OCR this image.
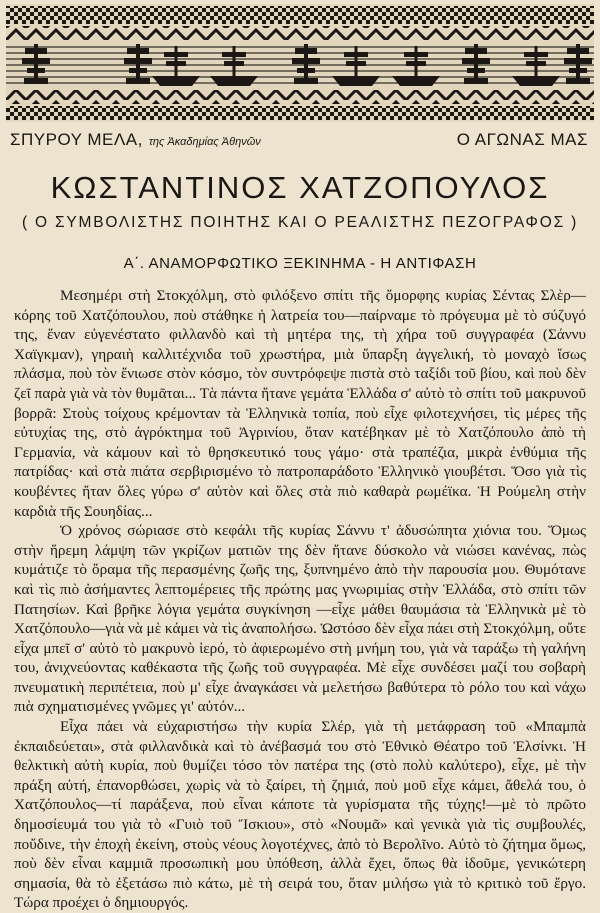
ΣΠΥΡΟΥ ΜΕΛΑ, της Ἀκαδημίας Ἀθηνῶν	Ο ΑΓΩΝΑΣ ΜΑΣ
ΚΩΣΤΑΝΤΙΝΟΣ ΧΑΤΖΟΠΟΥΛΟΣ
( Ο ΣΥΜΒΟΛΙΣΤΗΣ ΠΟΙΗΤΗΣ ΚΑΙ Ο ΡΕΑΛΙΣΤΗΣ ΠΕΖΟΓΡΑΦΟΣ )
Α΄. ΑΝΑΜΟΡΦΩΤΙΚΟ ΞΕΚΙΝΗΜΑ - Η ΑΝΤΙΦΑΣΗ

Μεσημέρι στὴ Στοκχόλμη, στὸ φιλόξενο σπίτι τῆς ὅμορφης κυρίας Σέντας Σλὲρ—κόρης τοῦ Χατζόπουλου, ποὺ στάθηκε ἡ λατρεία του—παίρναμε τὸ πρόγευμα μὲ τὸ σύζυγό της, ἕναν εὐγενέστατο φιλλανδὸ καὶ τὴ μητέρα της, τὴ χήρα τοῦ συγγραφέα (Σάννυ Χαϊγκμαν), γηραιὴ καλλιτέχνιδα τοῦ χρωστήρα, μιὰ ὕπαρξη ἀγγελική, τὸ μοναχὸ ἴσως πλάσμα, ποὺ τὸν ἔνιωσε στὸν κόσμο, τὸν συντρόφεψε πιστὰ στὸ ταξίδι τοῦ βίου, καὶ ποὺ δὲν ζεῖ παρὰ γιὰ νὰ τὸν θυμᾶται... Τὰ πάντα ἤτανε γεμάτα Ἑλλάδα σ' αὐτὸ τὸ σπίτι τοῦ μακρυνοῦ βορρᾶ: Στοὺς τοίχους κρέμονταν τὰ Ἑλληνικὰ τοπία, ποὺ εἶχε φιλοτεχνήσει, τὶς μέρες τῆς εὐτυχίας της, στὸ ἀγρόκτημα τοῦ Ἀγρινίου, ὅταν κατέβηκαν μὲ τὸ Χατζόπουλο ἀπὸ τὴ Γερμανία, νὰ κάμουν καὶ τὸ θρησκευτικό τους γάμο· στὰ τραπέζια, μικρὰ ἐνθύμια τῆς πατρίδας· καὶ στὰ πιάτα σερβιρισμένο τὸ πατροπαράδοτο Ἑλληνικὸ γιουβέτσι. Ὅσο γιὰ τὶς κουβέντες ἤταν ὅλες γύρω σ' αὐτὸν καὶ ὅλες στὰ πιὸ καθαρὰ ρωμέϊκα. Ἡ Ρούμελη στὴν καρδιὰ τῆς Σουηδίας...

Ὁ χρόνος σώριασε στὸ κεφάλι τῆς κυρίας Σάννυ τ' ἀδυσώπητα χιόνια του. Ὅμως στὴν ἥρεμη λάμψη τῶν γκρίζων ματιῶν της δὲν ἤτανε δύσκολο νὰ νιώσει κανένας, πὼς κυμάτιζε τὸ ὅραμα τῆς περασμένης ζωῆς της, ξυπνημένο ἀπὸ τὴν παρουσία μου. Θυμότανε καὶ τὶς πιὸ ἀσήμαντες λεπτομέρειες τῆς πρώτης μας γνωριμίας στὴν Ἑλλάδα, στὸ σπίτι τῶν Πατησίων. Καὶ βρῆκε λόγια γεμάτα συγκίνηση —εἶχε μάθει θαυμάσια τὰ Ἑλληνικὰ μὲ τὸ Χατζόπουλο—γιὰ νὰ μὲ κάμει νὰ τὶς ἀναπολήσω. Ὡστόσο δὲν εἶχα πάει στὴ Στοκχόλμη, οὔτε εἶχα μπεῖ σ' αὐτὸ τὸ μακρυνὸ ἱερό, τὸ ἀφιερωμένο στὴ μνήμη του, γιὰ νὰ ταράξω τὴ γαλήνη του, ἀνιχνεύοντας καθέκαστα τῆς ζωῆς τοῦ συγγραφέα. Μὲ εἶχε συνδέσει μαζί του σοβαρὴ πνευματικὴ περιπέτεια, ποὺ μ' εἶχε ἀναγκάσει νὰ μελετήσω βαθύτερα τὸ ρόλο του καὶ νάχω πιὰ σχηματισμένες γνῶμες γι' αὐτόν...

Εἶχα πάει νὰ εὐχαριστήσω τὴν κυρία Σλέρ, γιὰ τὴ μετάφραση τοῦ «Μπαμπὰ ἐκπαιδεύεται», στὰ φιλλανδικὰ καὶ τὸ ἀνέβασμά του στὸ Ἐθνικὸ Θέατρο τοῦ Ἐλσίνκι. Ἡ θελκτικὴ αὐτὴ κυρία, ποὺ θυμίζει τόσο τὸν πατέρα της (στὸ πολὺ καλύτερο), εἶχε, μὲ τὴν πράξη αὐτή, ἐπανορθώσει, χωρὶς νὰ τὸ ξαίρει, τὴ ζημιά, ποὺ μοῦ εἶχε κάμει, ἄθελά του, ὁ Χατζόπουλος—τί παράξενα, ποὺ εἶναι κάποτε τὰ γυρίσματα τῆς τύχης!—μὲ τὸ πρῶτο δημοσίευμά του γιὰ τὸ «Γυιὸ τοῦ Ἴσκιου», στὸ «Νουμᾶ» καὶ γενικὰ γιὰ τὶς συμβουλές, ποὔδινε, τὴν ἐποχὴ ἐκείνη, στοὺς νέους λογοτέχνες, ἀπὸ τὸ Βερολῖνο. Αὐτὸ τὸ ζήτημα ὅμως, ποὺ δὲν εἶναι καμμιᾶ προσωπικὴ μου ὑπόθεση, ἀλλὰ ἔχει, ὅπως θὰ ἰδοῦμε, γενικώτερη σημασία, θὰ τὸ ἐξετάσω πιὸ κάτω, μὲ τὴ σειρά του, ὅταν μιλήσω γιὰ τὸ κριτικὸ τοῦ ἔργο. Τώρα προέχει ὁ δημιουργός.
